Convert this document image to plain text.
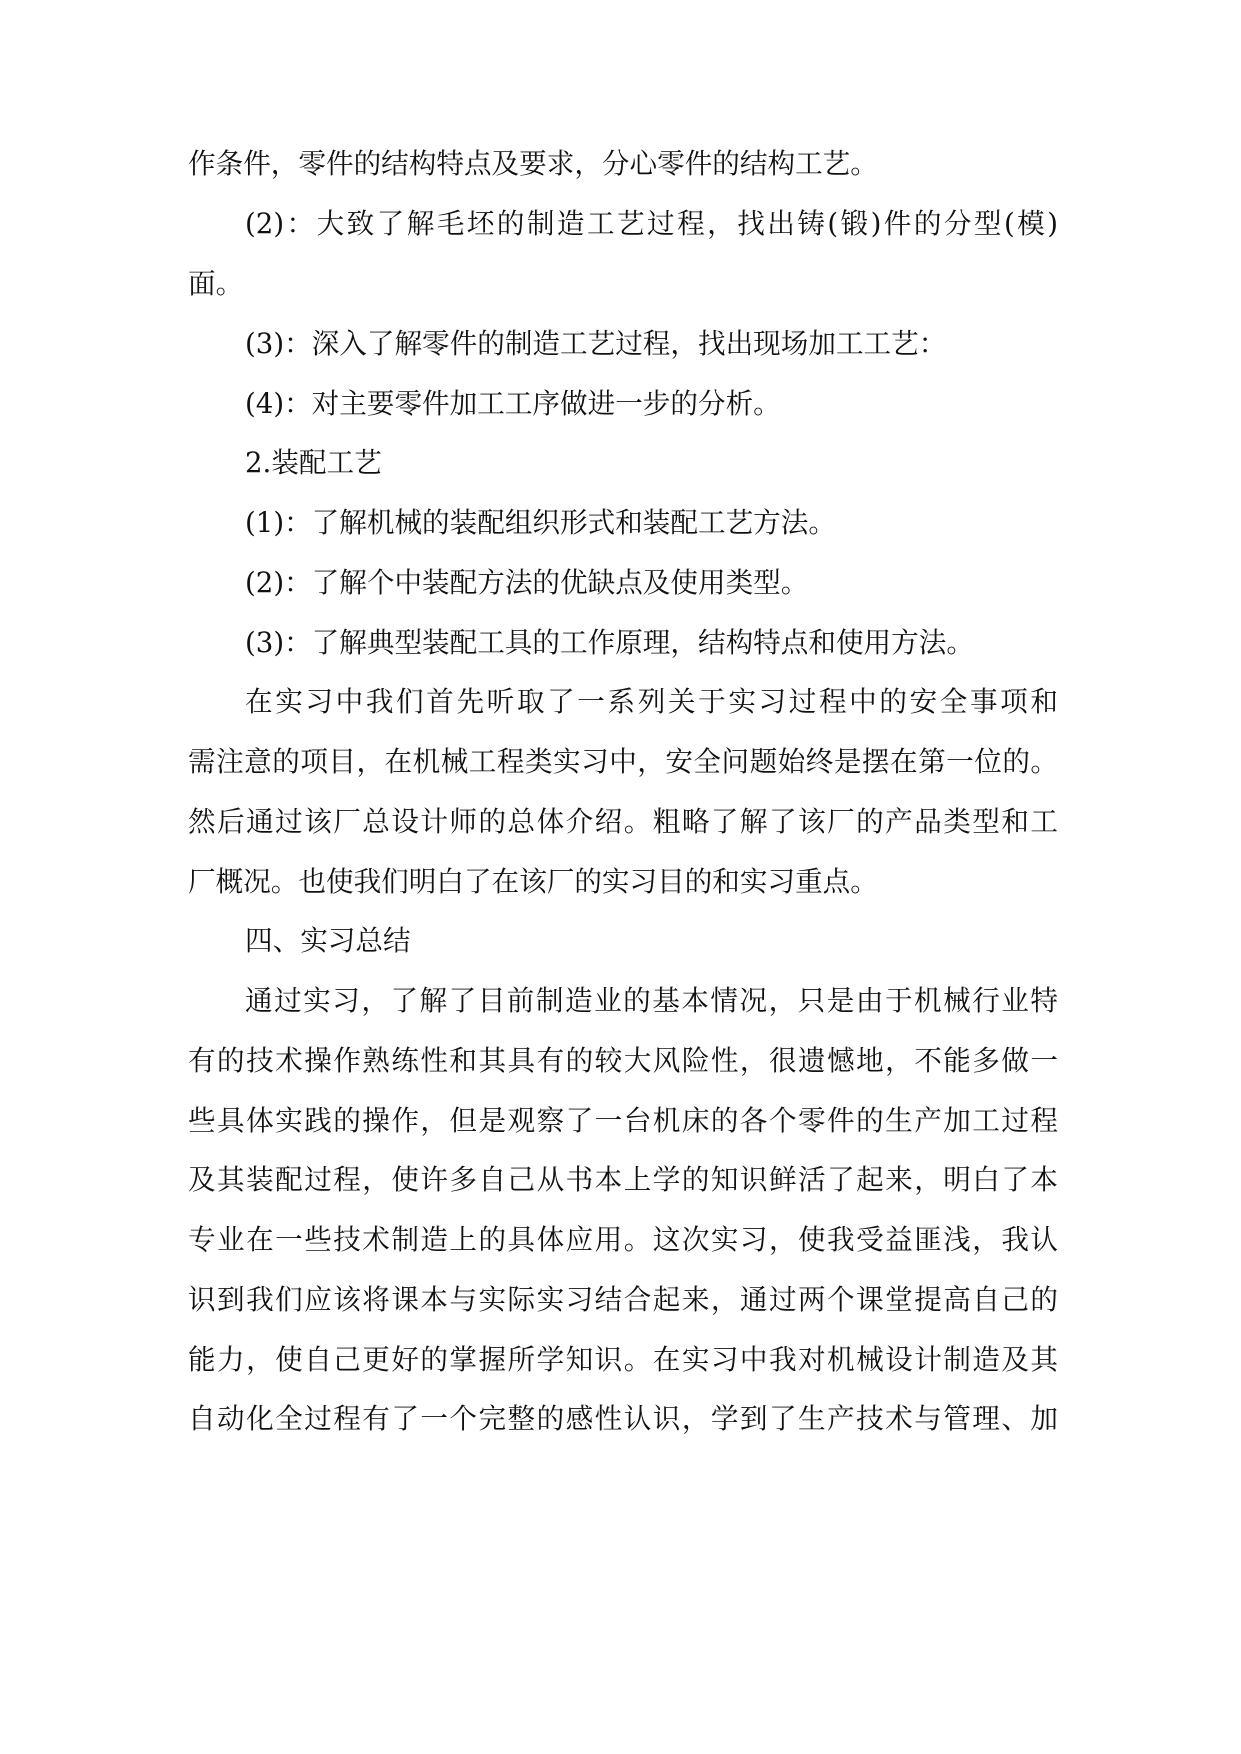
作条件，零件的结构特点及要求，分心零件的结构工艺。

(2)：大致了解毛坯的制造工艺过程，找出铸(锻)件的分型(模)

面。

(3)：深入了解零件的制造工艺过程，找出现场加工工艺：

(4)：对主要零件加工工序做进一步的分析。

2.装配工艺

(1)：了解机械的装配组织形式和装配工艺方法。

(2)：了解个中装配方法的优缺点及使用类型。

(3)：了解典型装配工具的工作原理，结构特点和使用方法。

在实习中我们首先听取了一系列关于实习过程中的安全事项和

需注意的项目，在机械工程类实习中，安全问题始终是摆在第一位的。

然后通过该厂总设计师的总体介绍。粗略了解了该厂的产品类型和工

厂概况。也使我们明白了在该厂的实习目的和实习重点。

四、实习总结

通过实习，了解了目前制造业的基本情况，只是由于机械行业特

有的技术操作熟练性和其具有的较大风险性，很遗憾地，不能多做一

些具体实践的操作，但是观察了一台机床的各个零件的生产加工过程

及其装配过程，使许多自己从书本上学的知识鲜活了起来，明白了本

专业在一些技术制造上的具体应用。这次实习，使我受益匪浅，我认

识到我们应该将课本与实际实习结合起来，通过两个课堂提高自己的

能力，使自己更好的掌握所学知识。在实习中我对机械设计制造及其

自动化全过程有了一个完整的感性认识，学到了生产技术与管理、加
